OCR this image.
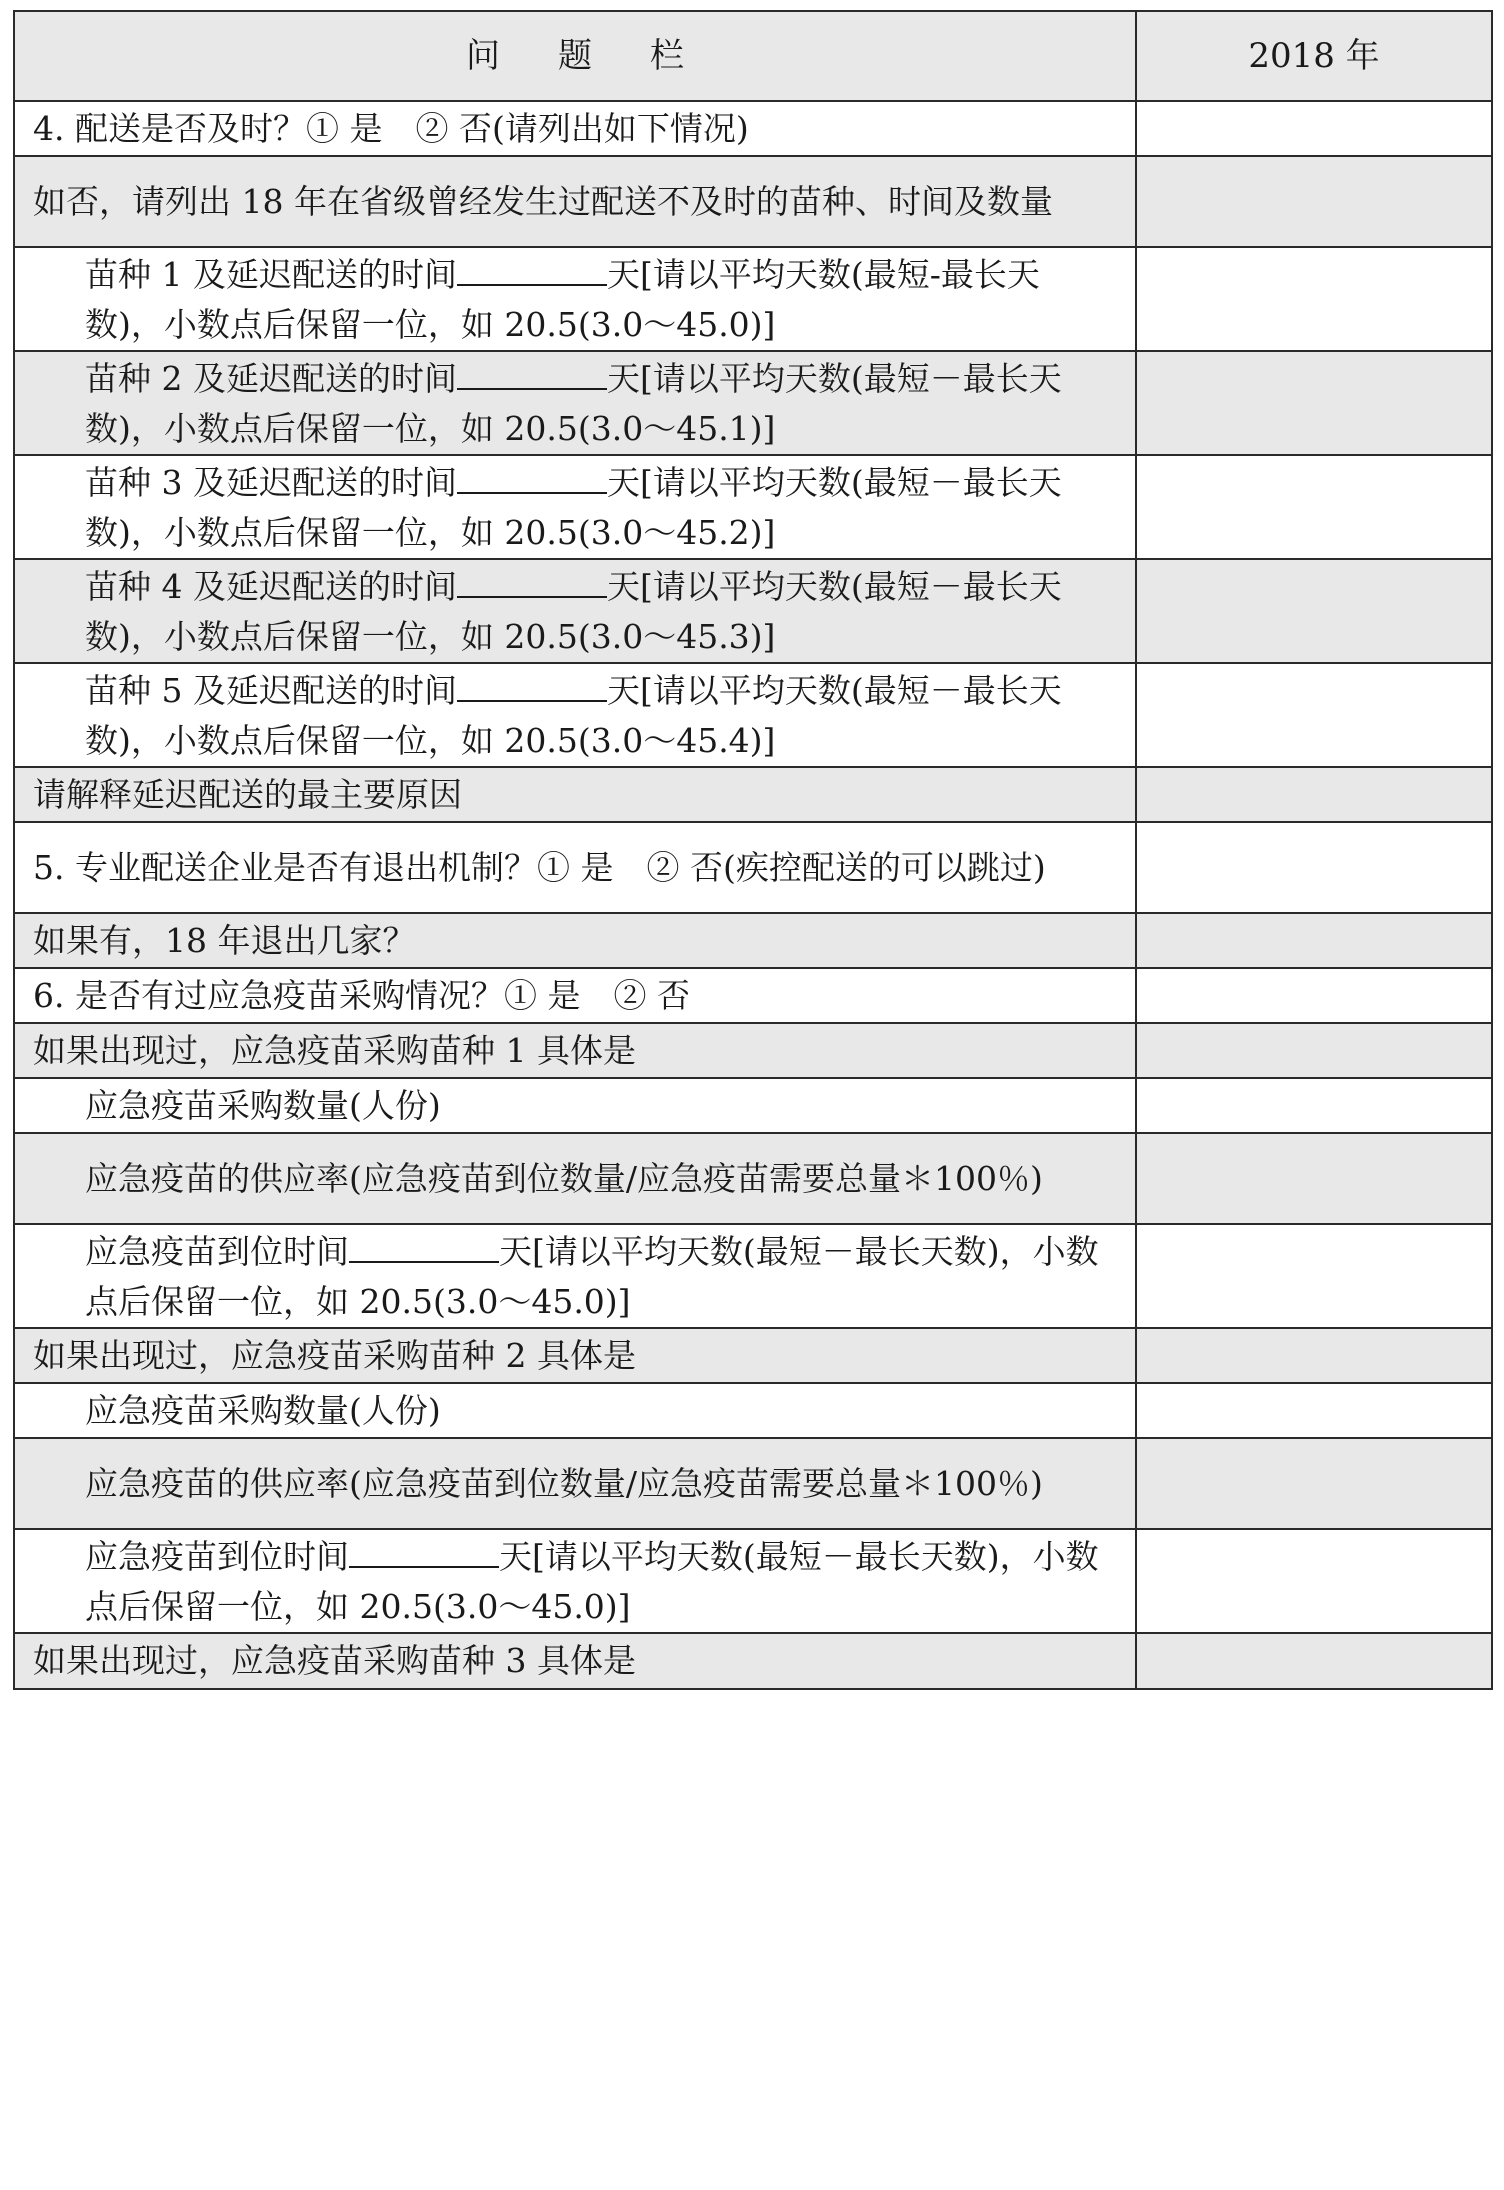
问题栏	2018 年

4. 配送是否及时？① 是　② 否(请列出如下情况)	

如否，请列出 18 年在省级曾经发生过配送不及时的苗种、时间及数量	

苗种 1 及延迟配送的时间 天[请以平均天数(最短-最长天数)，小数点后保留一位，如 20.5(3.0～45.0)]	

苗种 2 及延迟配送的时间 天[请以平均天数(最短－最长天数)，小数点后保留一位，如 20.5(3.0～45.1)]	

苗种 3 及延迟配送的时间 天[请以平均天数(最短－最长天数)，小数点后保留一位，如 20.5(3.0～45.2)]	

苗种 4 及延迟配送的时间 天[请以平均天数(最短－最长天数)，小数点后保留一位，如 20.5(3.0～45.3)]	

苗种 5 及延迟配送的时间 天[请以平均天数(最短－最长天数)，小数点后保留一位，如 20.5(3.0～45.4)]	

请解释延迟配送的最主要原因	

5. 专业配送企业是否有退出机制？① 是　② 否(疾控配送的可以跳过)	

如果有，18 年退出几家？	

6. 是否有过应急疫苗采购情况？① 是　② 否	

如果出现过，应急疫苗采购苗种 1 具体是	

应急疫苗采购数量(人份)	

应急疫苗的供应率(应急疫苗到位数量/应急疫苗需要总量＊100％)	

应急疫苗到位时间 天[请以平均天数(最短－最长天数)，小数点后保留一位，如 20.5(3.0～45.0)]	

如果出现过，应急疫苗采购苗种 2 具体是	

应急疫苗采购数量(人份)	

应急疫苗的供应率(应急疫苗到位数量/应急疫苗需要总量＊100％)	

应急疫苗到位时间 天[请以平均天数(最短－最长天数)，小数点后保留一位，如 20.5(3.0～45.0)]	

如果出现过，应急疫苗采购苗种 3 具体是	
